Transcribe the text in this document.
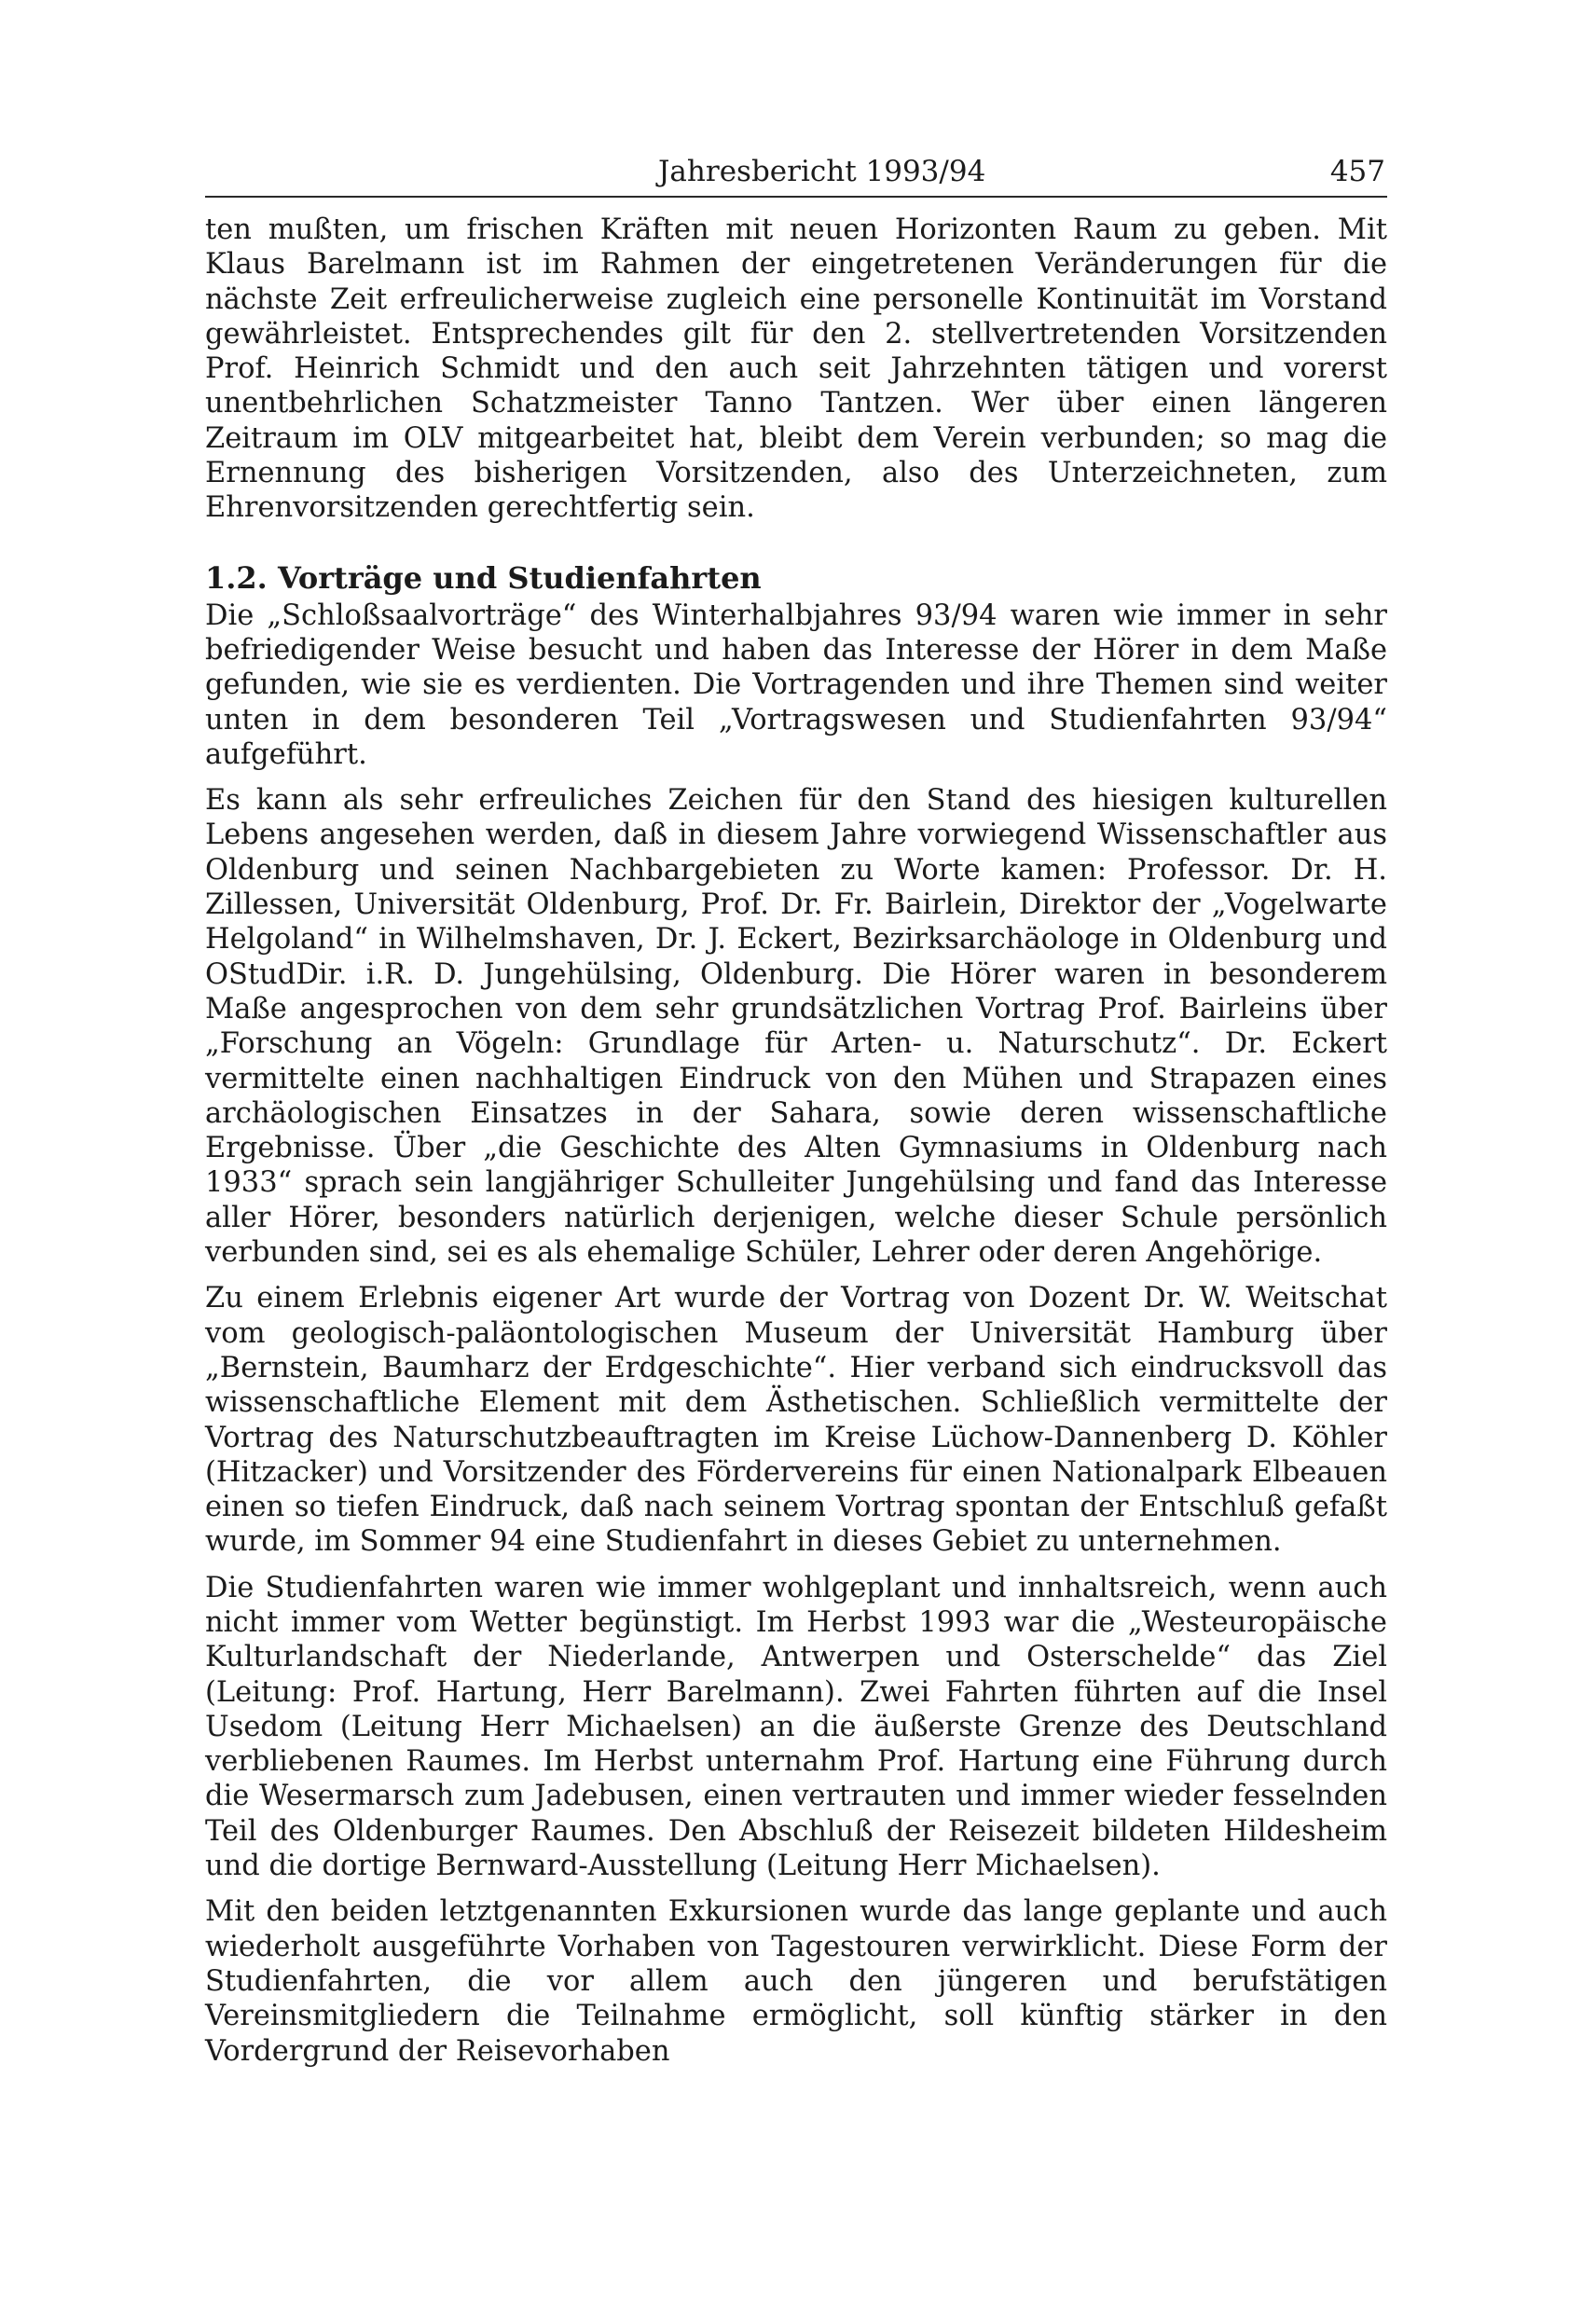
Jahresbericht 1993/94	457

ten mußten, um frischen Kräften mit neuen Horizonten Raum zu geben. Mit Klaus Barelmann ist im Rahmen der eingetretenen Veränderungen für die nächste Zeit erfreulicherweise zugleich eine personelle Kontinuität im Vorstand gewährleistet. Entsprechendes gilt für den 2. stellvertretenden Vorsitzenden Prof. Heinrich Schmidt und den auch seit Jahrzehnten tätigen und vorerst unentbehrlichen Schatzmeister Tanno Tantzen. Wer über einen längeren Zeitraum im OLV mitgearbeitet hat, bleibt dem Verein verbunden; so mag die Ernennung des bisherigen Vorsitzenden, also des Unterzeichneten, zum Ehrenvorsitzenden gerechtfertig sein.

1.2. Vorträge und Studienfahrten

Die „Schloßsaalvorträge“ des Winterhalbjahres 93/94 waren wie immer in sehr befriedigender Weise besucht und haben das Interesse der Hörer in dem Maße gefunden, wie sie es verdienten. Die Vortragenden und ihre Themen sind weiter unten in dem besonderen Teil „Vortragswesen und Studienfahrten 93/94“ aufgeführt.

Es kann als sehr erfreuliches Zeichen für den Stand des hiesigen kulturellen Lebens angesehen werden, daß in diesem Jahre vorwiegend Wissenschaftler aus Oldenburg und seinen Nachbargebieten zu Worte kamen: Professor. Dr. H. Zillessen, Universität Oldenburg, Prof. Dr. Fr. Bairlein, Direktor der „Vogelwarte Helgoland“ in Wilhelmshaven, Dr. J. Eckert, Bezirksarchäologe in Oldenburg und OStudDir. i.R. D. Jungehülsing, Oldenburg. Die Hörer waren in besonderem Maße angesprochen von dem sehr grundsätzlichen Vortrag Prof. Bairleins über „Forschung an Vögeln: Grundlage für Arten- u. Naturschutz“. Dr. Eckert vermittelte einen nachhaltigen Eindruck von den Mühen und Strapazen eines archäologischen Einsatzes in der Sahara, sowie deren wissenschaftliche Ergebnisse. Über „die Geschichte des Alten Gymnasiums in Oldenburg nach 1933“ sprach sein langjähriger Schulleiter Jungehülsing und fand das Interesse aller Hörer, besonders natürlich derjenigen, welche dieser Schule persönlich verbunden sind, sei es als ehemalige Schüler, Lehrer oder deren Angehörige.

Zu einem Erlebnis eigener Art wurde der Vortrag von Dozent Dr. W. Weitschat vom geologisch-paläontologischen Museum der Universität Hamburg über „Bernstein, Baumharz der Erdgeschichte“. Hier verband sich eindrucksvoll das wissenschaftliche Element mit dem Ästhetischen. Schließlich vermittelte der Vortrag des Naturschutzbeauftragten im Kreise Lüchow-Dannenberg D. Köhler (Hitzacker) und Vorsitzender des Fördervereins für einen Nationalpark Elbeauen einen so tiefen Eindruck, daß nach seinem Vortrag spontan der Entschluß gefaßt wurde, im Sommer 94 eine Studienfahrt in dieses Gebiet zu unternehmen.

Die Studienfahrten waren wie immer wohlgeplant und innhaltsreich, wenn auch nicht immer vom Wetter begünstigt. Im Herbst 1993 war die „Westeuropäische Kulturlandschaft der Niederlande, Antwerpen und Osterschelde“ das Ziel (Leitung: Prof. Hartung, Herr Barelmann). Zwei Fahrten führten auf die Insel Usedom (Leitung Herr Michaelsen) an die äußerste Grenze des Deutschland verbliebenen Raumes. Im Herbst unternahm Prof. Hartung eine Führung durch die Wesermarsch zum Jadebusen, einen vertrauten und immer wieder fesselnden Teil des Oldenburger Raumes. Den Abschluß der Reisezeit bildeten Hildesheim und die dortige Bernward-Ausstellung (Leitung Herr Michaelsen).

Mit den beiden letztgenannten Exkursionen wurde das lange geplante und auch wiederholt ausgeführte Vorhaben von Tagestouren verwirklicht. Diese Form der Studienfahrten, die vor allem auch den jüngeren und berufstätigen Vereinsmitgliedern die Teilnahme ermöglicht, soll künftig stärker in den Vordergrund der Reisevorhaben
